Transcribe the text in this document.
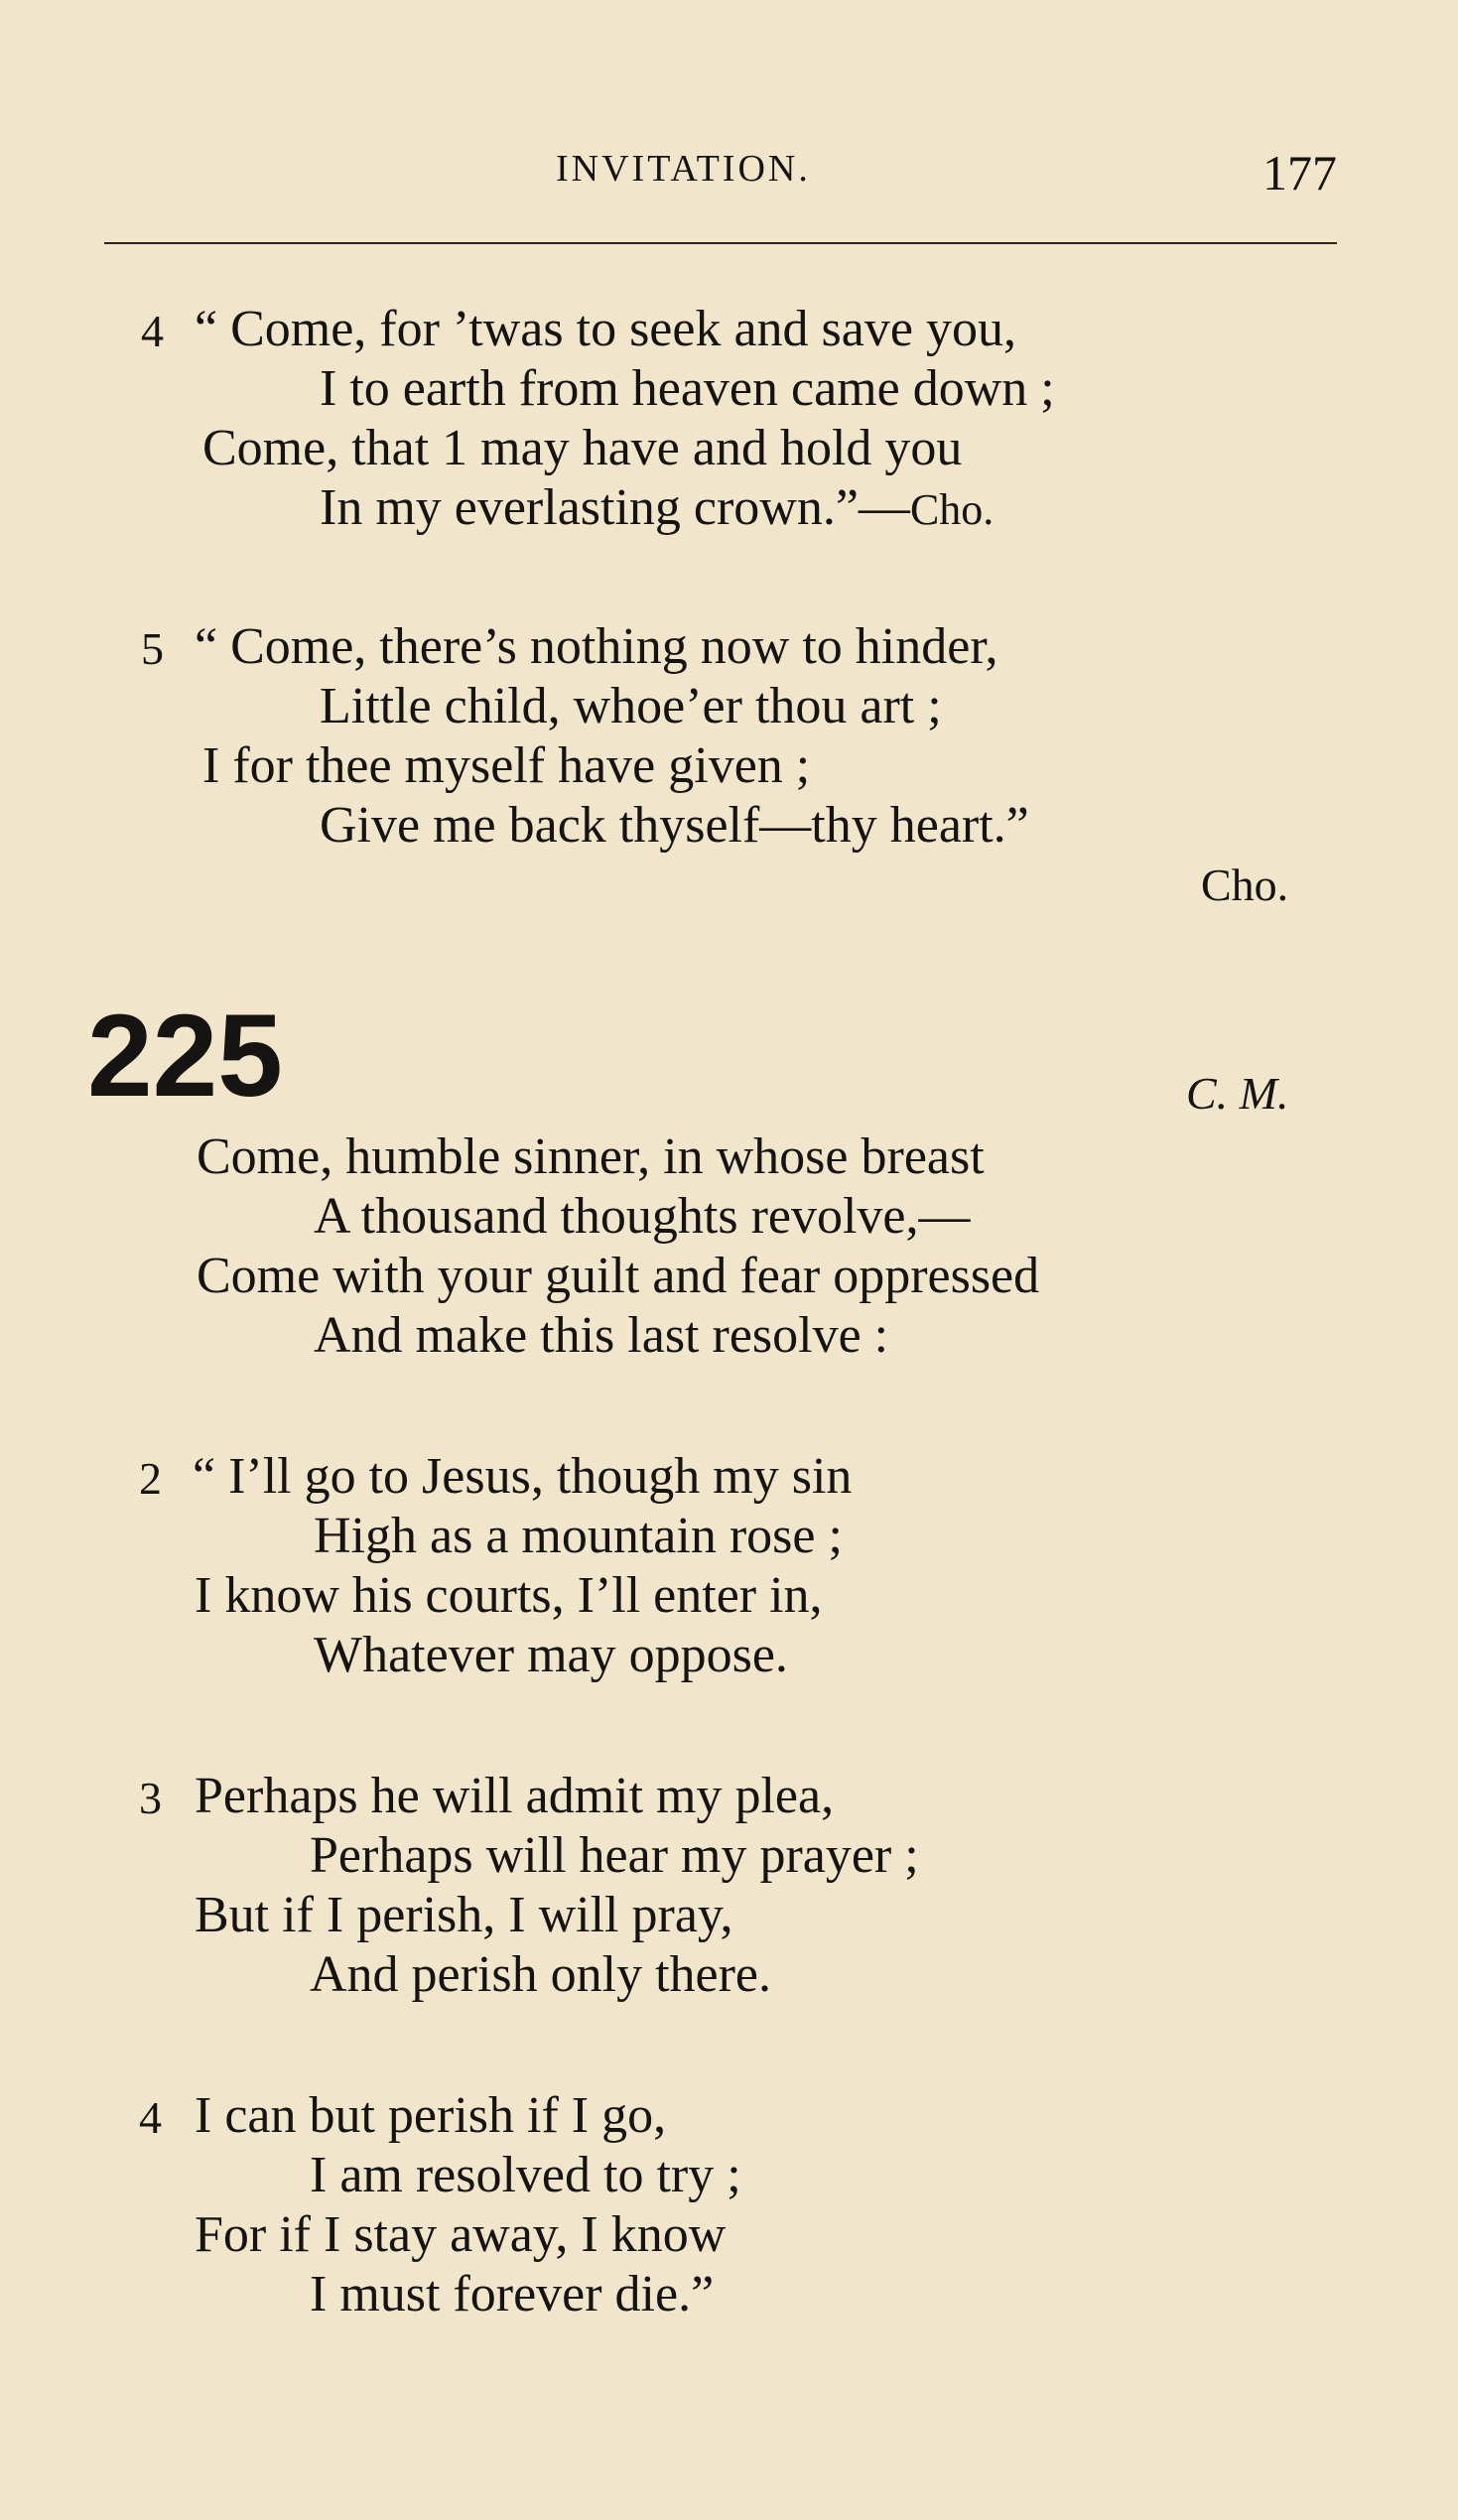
INVITATION.	177
4 “ Come, for ’twas to seek and save you,
I to earth from heaven came down ;
Come, that 1 may have and hold you
In my everlasting crown.”—Cho.
5 “ Come, there’s nothing now to hinder,
Little child, whoe’er thou art ;
I for thee myself have given ;
Give me back thyself—thy heart.”
Cho.
225	C. M.
Come, humble sinner, in whose breast
A thousand thoughts revolve,—
Come with your guilt and fear oppressed
And make this last resolve :
2 “ I’ll go to Jesus, though my sin
High as a mountain rose ;
I know his courts, I’ll enter in,
Whatever may oppose.
3 Perhaps he will admit my plea,
Perhaps will hear my prayer ;
But if I perish, I will pray,
And perish only there.
4 I can but perish if I go,
I am resolved to try ;
For if I stay away, I know
I must forever die.”
